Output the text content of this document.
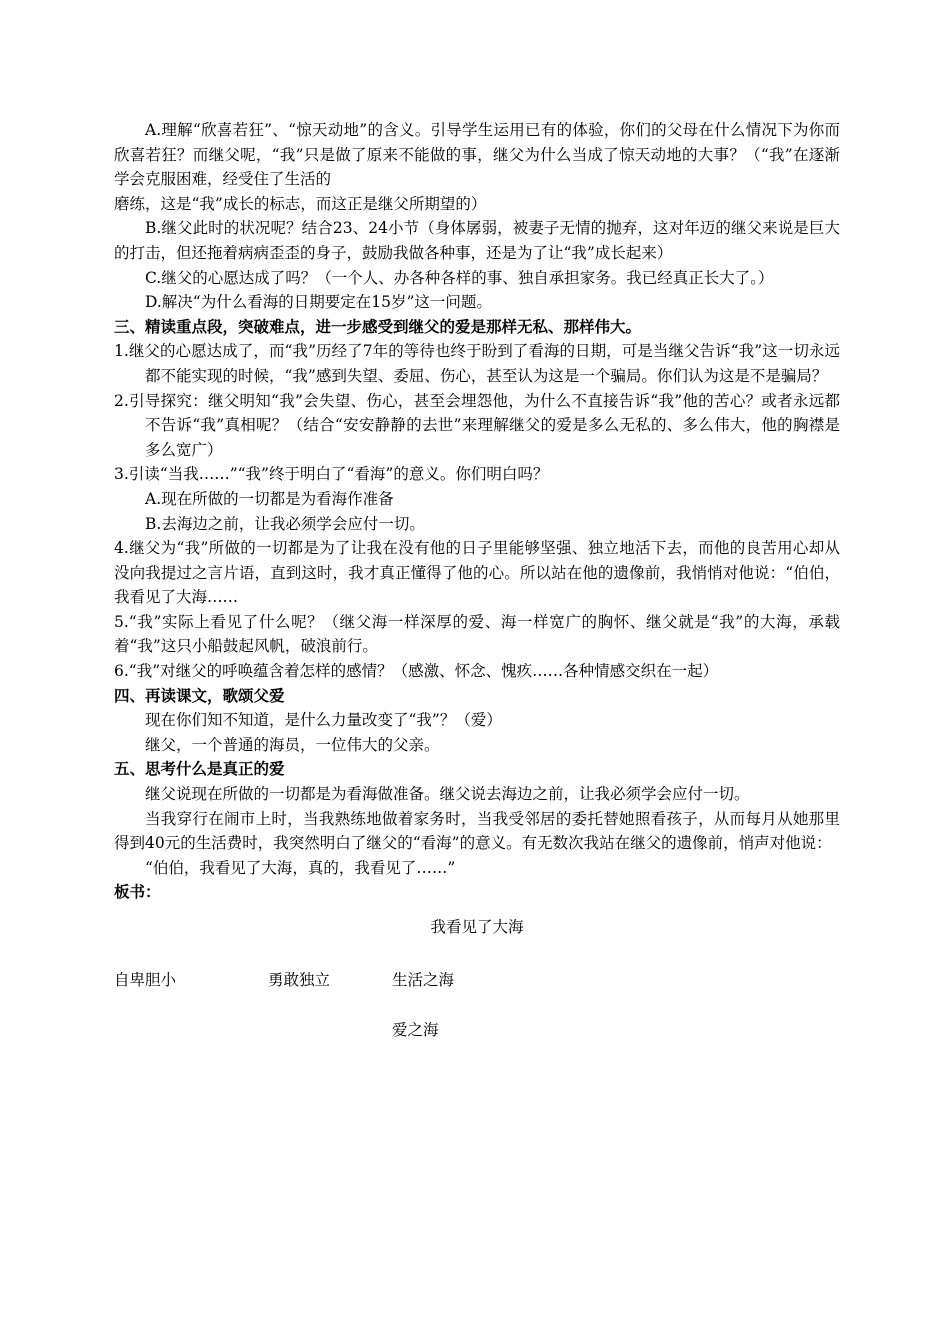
A.理解“欣喜若狂”、“惊天动地”的含义。引导学生运用已有的体验，你们的父母在什么情况下为你而欣喜若狂？而继父呢，“我”只是做了原来不能做的事，继父为什么当成了惊天动地的大事？（“我”在逐渐学会克服困难，经受住了生活的

磨练，这是“我”成长的标志，而这正是继父所期望的）

B.继父此时的状况呢？结合23、24小节（身体孱弱，被妻子无情的抛弃，这对年迈的继父来说是巨大的打击，但还拖着病病歪歪的身子，鼓励我做各种事，还是为了让“我”成长起来）

C.继父的心愿达成了吗？（一个人、办各种各样的事、独自承担家务。我已经真正长大了。）

D.解决“为什么看海的日期要定在15岁”这一问题。

三、精读重点段，突破难点，进一步感受到继父的爱是那样无私、那样伟大。

1.继父的心愿达成了，而“我”历经了7年的等待也终于盼到了看海的日期，可是当继父告诉“我”这一切永远都不能实现的时候，“我”感到失望、委屈、伤心，甚至认为这是一个骗局。你们认为这是不是骗局？

2.引导探究：继父明知“我”会失望、伤心，甚至会埋怨他，为什么不直接告诉“我”他的苦心？或者永远都不告诉“我”真相呢？（结合“安安静静的去世”来理解继父的爱是多么无私的、多么伟大，他的胸襟是多么宽广）

3.引读“当我……”“我”终于明白了“看海”的意义。你们明白吗？

A.现在所做的一切都是为看海作准备

B.去海边之前，让我必须学会应付一切。

4.继父为“我”所做的一切都是为了让我在没有他的日子里能够坚强、独立地活下去，而他的良苦用心却从没向我提过之言片语，直到这时，我才真正懂得了他的心。所以站在他的遗像前，我悄悄对他说：“伯伯，我看见了大海……

5.“我”实际上看见了什么呢？（继父海一样深厚的爱、海一样宽广的胸怀、继父就是“我”的大海，承载着“我”这只小船鼓起风帆，破浪前行。

6.“我”对继父的呼唤蕴含着怎样的感情？（感激、怀念、愧疚……各种情感交织在一起）

四、再读课文，歌颂父爱

现在你们知不知道，是什么力量改变了“我”？（爱）

继父，一个普通的海员，一位伟大的父亲。

五、思考什么是真正的爱

继父说现在所做的一切都是为看海做准备。继父说去海边之前，让我必须学会应付一切。

当我穿行在闹市上时，当我熟练地做着家务时，当我受邻居的委托替她照看孩子，从而每月从她那里得到40元的生活费时，我突然明白了继父的“看海”的意义。有无数次我站在继父的遗像前，悄声对他说：

“伯伯，我看见了大海，真的，我看见了……”

板书：

我看见了大海

自卑胆小	勇敢独立	生活之海
爱之海
